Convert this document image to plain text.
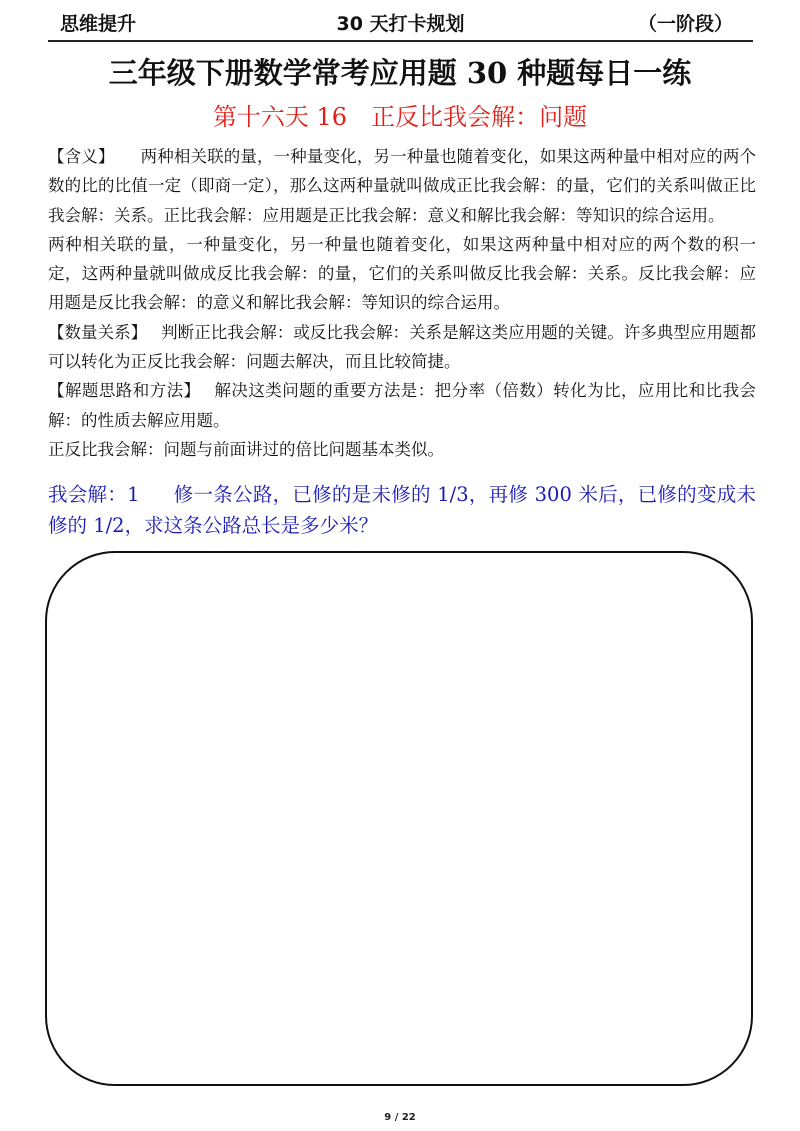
思维提升	30 天打卡规划	（一阶段）
三年级下册数学常考应用题 30 种题每日一练
第十六天 16　正反比我会解：问题

【含义】 两种相关联的量，一种量变化，另一种量也随着变化，如果这两种量中相对应的两个数的比的比值一定（即商一定），那么这两种量就叫做成正比我会解：的量，它们的关系叫做正比我会解：关系。正比我会解：应用题是正比我会解：意义和解比我会解：等知识的综合运用。

两种相关联的量，一种量变化，另一种量也随着变化，如果这两种量中相对应的两个数的积一定，这两种量就叫做成反比我会解：的量，它们的关系叫做反比我会解：关系。反比我会解：应用题是反比我会解：的意义和解比我会解：等知识的综合运用。

【数量关系】 判断正比我会解：或反比我会解：关系是解这类应用题的关键。许多典型应用题都可以转化为正反比我会解：问题去解决，而且比较简捷。

【解题思路和方法】 解决这类问题的重要方法是：把分率（倍数）转化为比，应用比和比我会解：的性质去解应用题。

正反比我会解：问题与前面讲过的倍比问题基本类似。

我会解：1 修一条公路，已修的是未修的 1/3，再修 300 米后，已修的变成未修的 1/2，求这条公路总长是多少米？
9 / 22
